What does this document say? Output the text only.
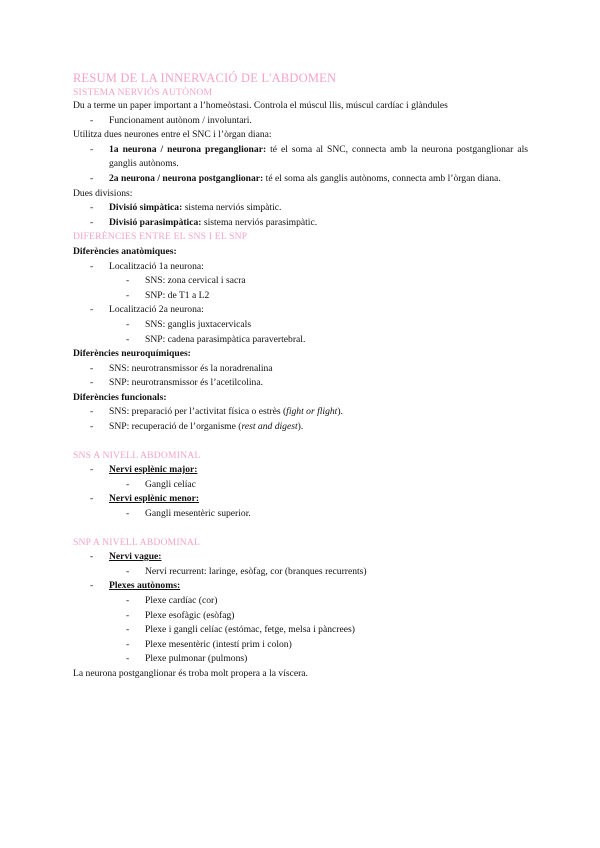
RESUM DE LA INNERVACIÓ DE L'ABDOMEN
SISTEMA NERVIÓS AUTÒNOM
Du a terme un paper important a l’homeòstasi. Controla el múscul llis, múscul cardíac i glàndules
- Funcionament autònom / involuntari.
Utilitza dues neurones entre el SNC i l’òrgan diana:
- 1a neurona / neurona preganglionar: té el soma al SNC, connecta amb la neurona postganglionar als ganglis autònoms.
- 2a neurona / neurona postganglionar: té el soma als ganglis autònoms, connecta amb l’òrgan diana.
Dues divisions:
- Divisió simpàtica: sistema nerviós simpàtic.
- Divisió parasimpàtica: sistema nerviós parasimpàtic.
DIFERÈNCIES ENTRE EL SNS I EL SNP
Diferències anatòmiques:
- Localització 1a neurona:
- SNS: zona cervical i sacra
- SNP: de T1 a L2
- Localització 2a neurona:
- SNS: ganglis juxtacervicals
- SNP: cadena parasimpàtica paravertebral.
Diferències neuroquímiques:
- SNS: neurotransmissor és la noradrenalina
- SNP: neurotransmissor és l’acetilcolina.
Diferències funcionals:
- SNS: preparació per l’activitat física o estrès (fight or flight).
- SNP: recuperació de l’organisme (rest and digest).
SNS A NIVELL ABDOMINAL
- Nervi esplènic major:
- Gangli celíac
- Nervi esplènic menor:
- Gangli mesentèric superior.
SNP A NIVELL ABDOMINAL
- Nervi vague:
- Nervi recurrent: laringe, esòfag, cor (branques recurrents)
- Plexes autònoms:
- Plexe cardíac (cor)
- Plexe esofàgic (esòfag)
- Plexe i gangli celíac (estómac, fetge, melsa i pàncrees)
- Plexe mesentèric (intestí prim i colon)
- Plexe pulmonar (pulmons)
La neurona postganglionar és troba molt propera a la víscera.
